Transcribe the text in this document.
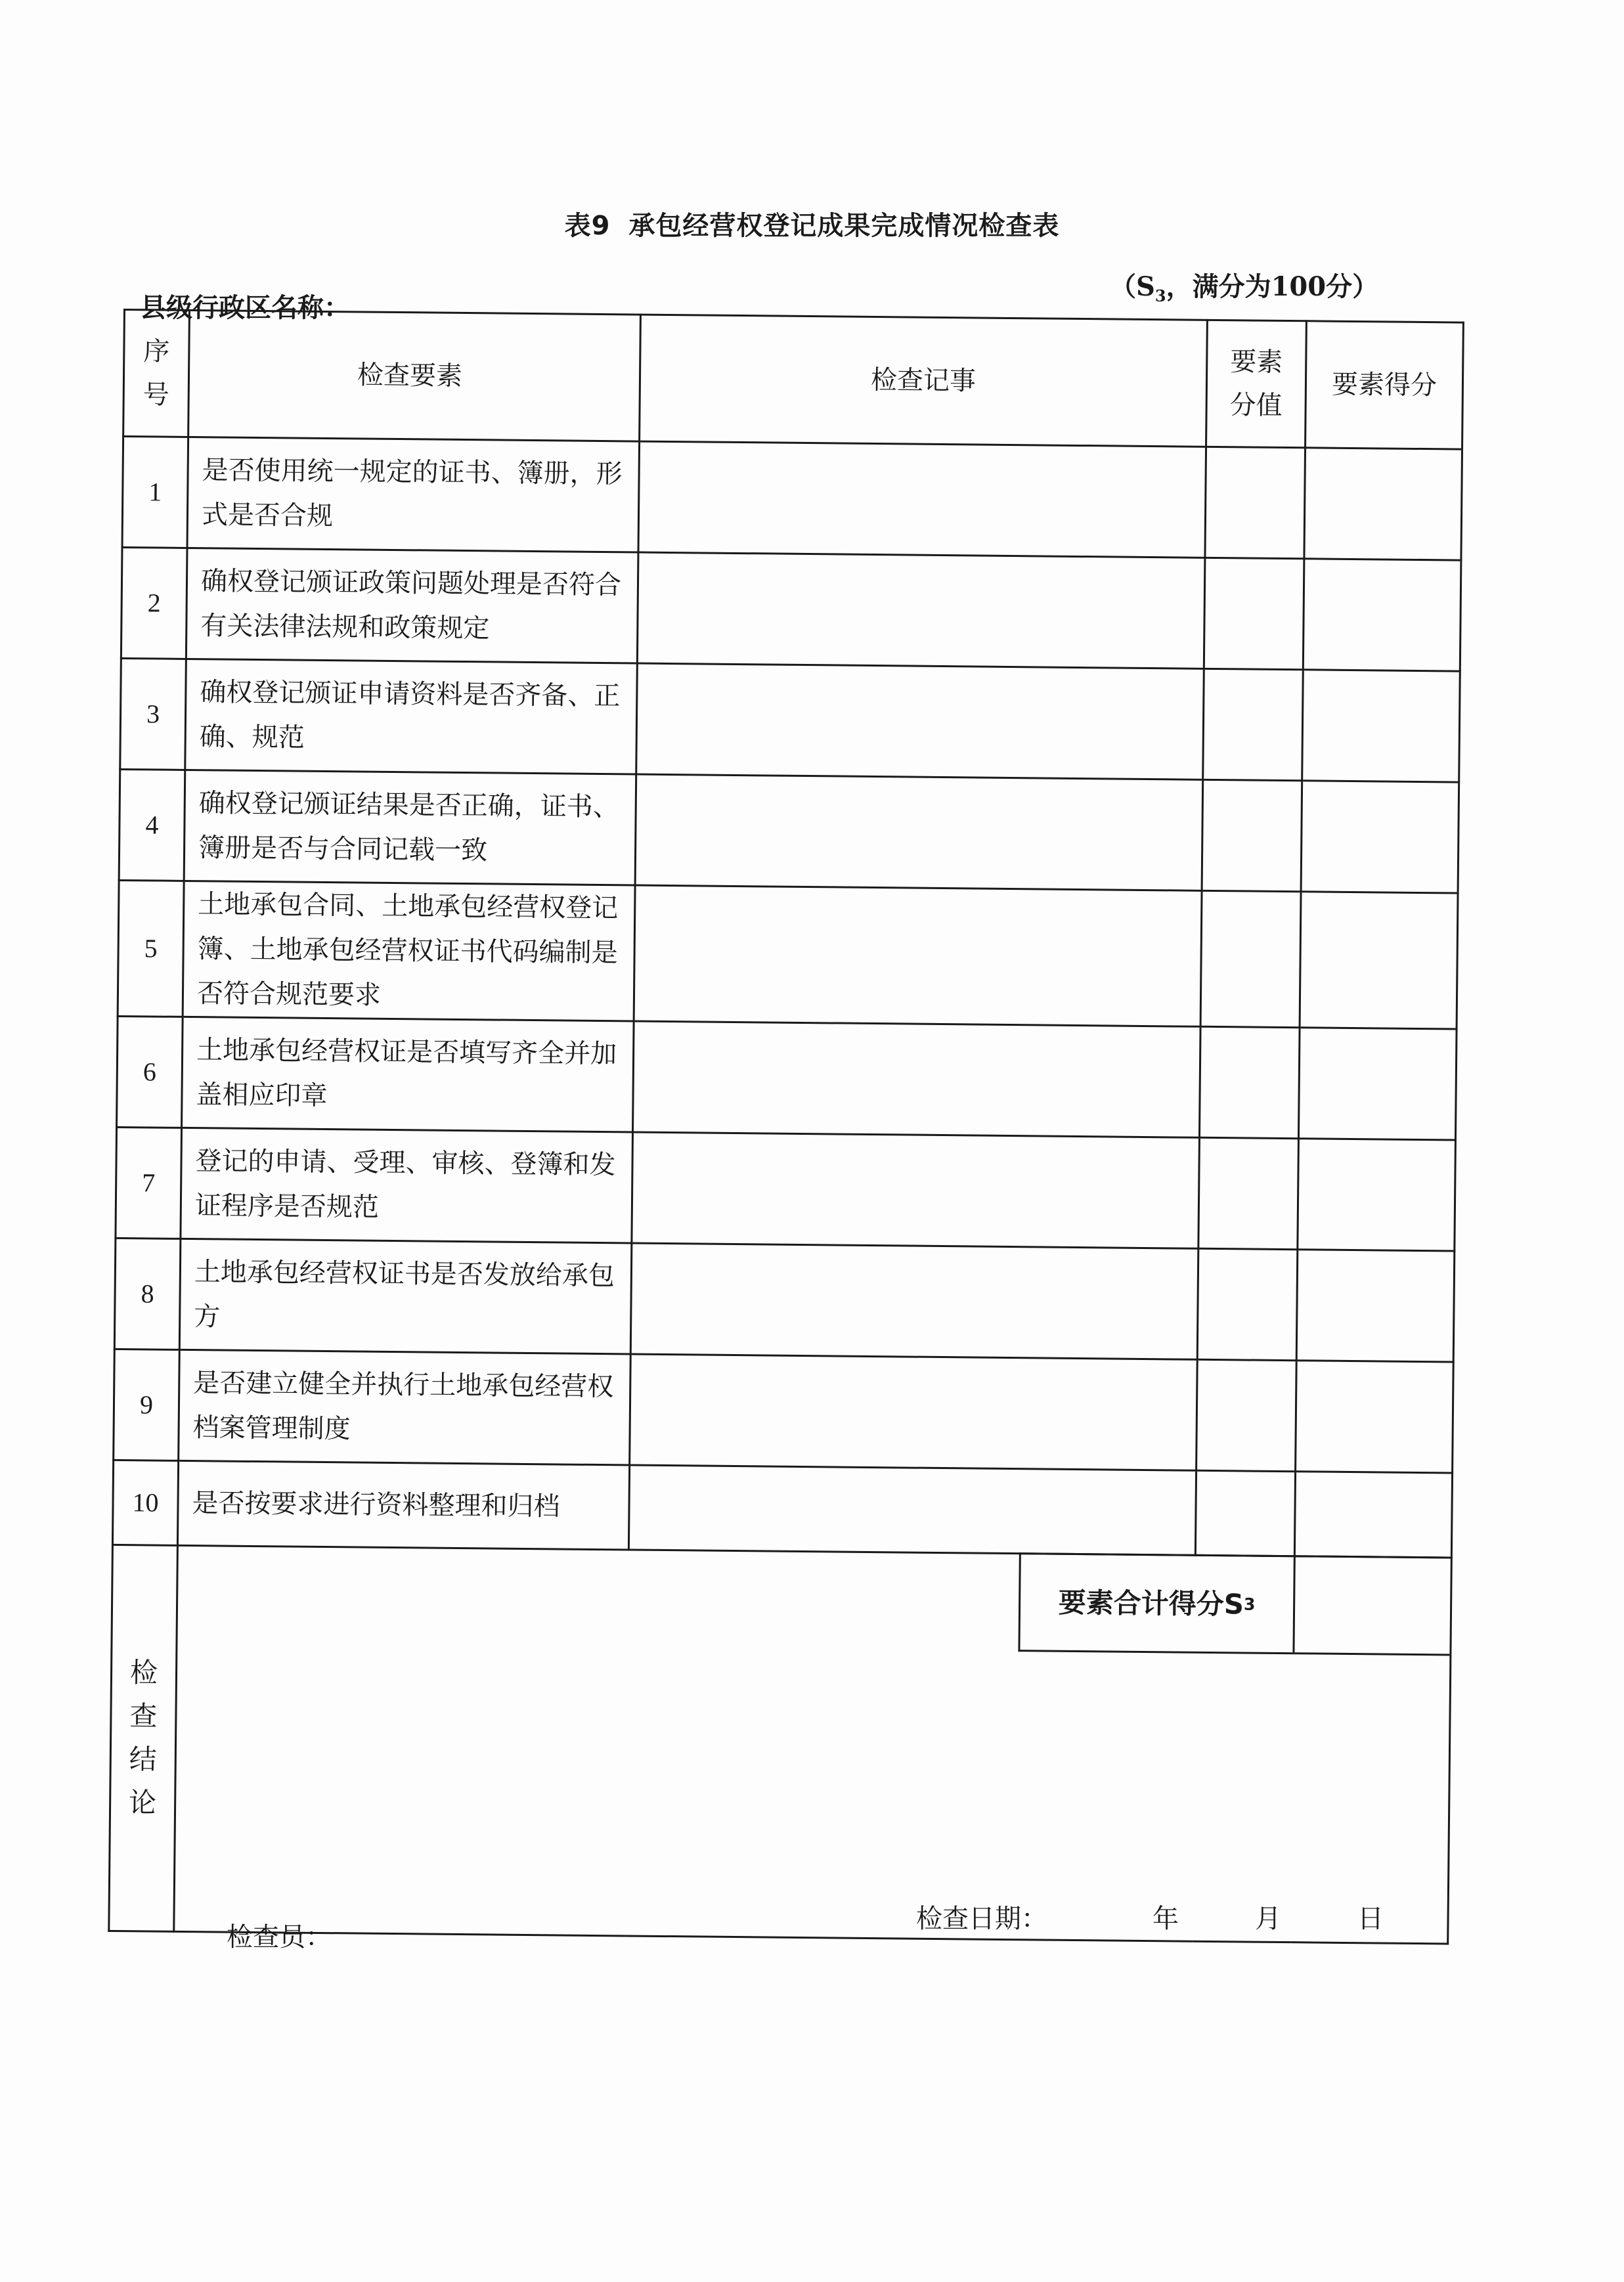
表9 承包经营权登记成果完成情况检查表
（$S_3$，满分为100分）
县级行政区名称：
序号	检查要素	检查记事	要素分值	要素得分
1	是否使用统一规定的证书、簿册，形式是否合规			
2	确权登记颁证政策问题处理是否符合有关法律法规和政策规定			
3	确权登记颁证申请资料是否齐备、正确、规范			
4	确权登记颁证结果是否正确，证书、簿册是否与合同记载一致			
5	土地承包合同、土地承包经营权登记簿、土地承包经营权证书代码编制是否符合规范要求			
6	土地承包经营权证是否填写齐全并加盖相应印章			
7	登记的申请、受理、审核、登簿和发证程序是否规范			
8	土地承包经营权证书是否发放给承包方			
9	是否建立健全并执行土地承包经营权档案管理制度			
10	是否按要求进行资料整理和归档			

检
查
结
论	要素合计得分S 3			
检查员：
检查日期：	年	月	日
